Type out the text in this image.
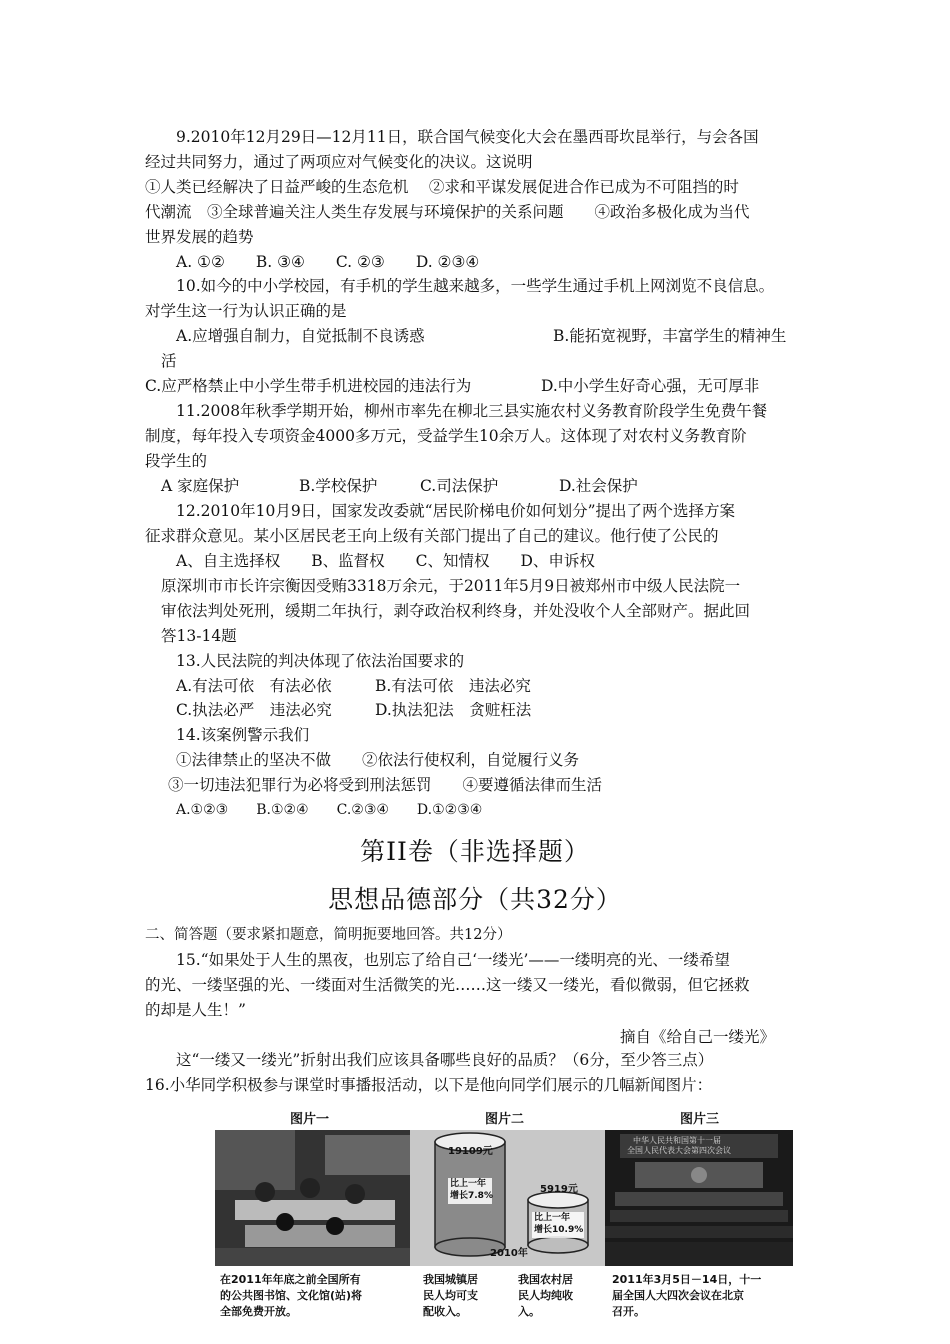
9.2010年12月29日—12月11日，联合国气候变化大会在墨西哥坎昆举行，与会各国
经过共同努力，通过了两项应对气候变化的决议。这说明
①人类已经解决了日益严峻的生态危机　 ②求和平谋发展促进合作已成为不可阻挡的时
代潮流　③全球普遍关注人类生存发展与环境保护的关系问题　　④政治多极化成为当代
世界发展的趋势
A. ①②　　B. ③④　　C. ②③　　D. ②③④
10.如今的中小学校园，有手机的学生越来越多，一些学生通过手机上网浏览不良信息。
对学生这一行为认识正确的是
A.应增强自制力，自觉抵制不良诱惑	B.能拓宽视野，丰富学生的精神生
活
C.应严格禁止中小学生带手机进校园的违法行为	D.中小学生好奇心强，无可厚非
11.2008年秋季学期开始，柳州市率先在柳北三县实施农村义务教育阶段学生免费午餐
制度，每年投入专项资金4000多万元，受益学生10余万人。这体现了对农村义务教育阶
段学生的
A 家庭保护	B.学校保护	C.司法保护	D.社会保护
12.2010年10月9日，国家发改委就“居民阶梯电价如何划分”提出了两个选择方案
征求群众意见。某小区居民老王向上级有关部门提出了自己的建议。他行使了公民的
A、自主选择权　　B、监督权　　C、知情权　　D、申诉权
原深圳市市长许宗衡因受贿3318万余元，于2011年5月9日被郑州市中级人民法院一
审依法判处死刑，缓期二年执行，剥夺政治权利终身，并处没收个人全部财产。据此回
答13-14题
13.人民法院的判决体现了依法治国要求的
A.有法可依　有法必依	B.有法可依　违法必究
C.执法必严　违法必究	D.执法犯法　贪赃枉法
14.该案例警示我们
①法律禁止的坚决不做　　②依法行使权利，自觉履行义务
③一切违法犯罪行为必将受到刑法惩罚　　④要遵循法律而生活
A.①②③　　B.①②④　　C.②③④　　D.①②③④
第II卷（非选择题）
思想品德部分（共32分）
二、简答题（要求紧扣题意，简明扼要地回答。共12分）
15.“如果处于人生的黑夜，也别忘了给自己‘一缕光’——一缕明亮的光、一缕希望
的光、一缕坚强的光、一缕面对生活微笑的光……这一缕又一缕光，看似微弱，但它拯救
的却是人生！”
摘自《给自己一缕光》
这“一缕又一缕光”折射出我们应该具备哪些良好的品质？（6分，至少答三点）
16.小华同学积极参与课堂时事播报活动，以下是他向同学们展示的几幅新闻图片：
图片一	图片二	图片三
19109元
比上一年
增长7.8%
5919元
比上一年
增长10.9%
2010年
中华人民共和国第十一届
全国人民代表大会第四次会议
在2011年年底之前全国所有
的公共图书馆、文化馆(站)将
全部免费开放。
我国城镇居
民人均可支
配收入。
我国农村居
民人均纯收
入。
2011年3月5日－14日，十一
届全国人大四次会议在北京
召开。
